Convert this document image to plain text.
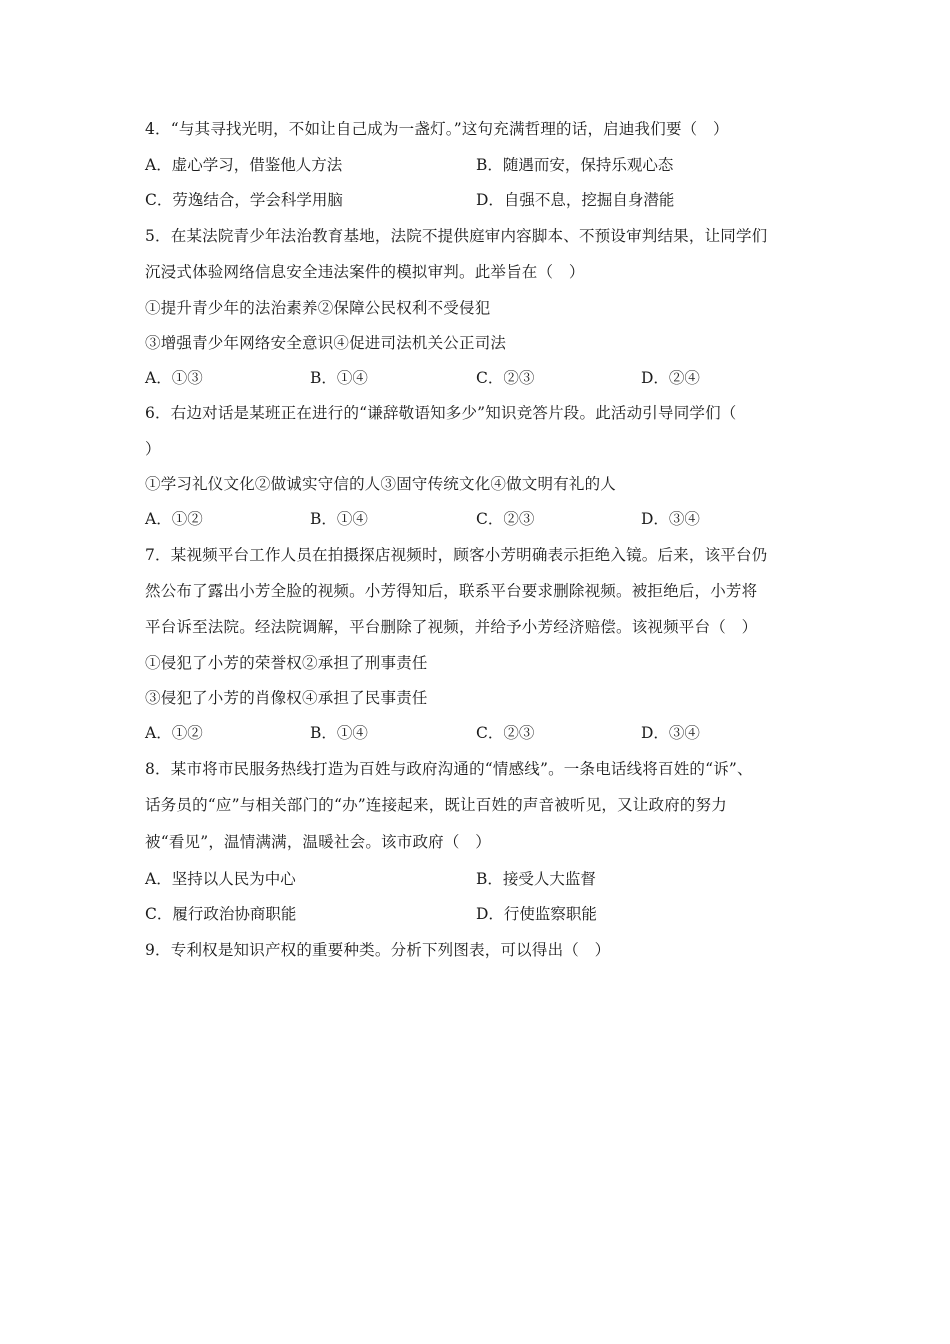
4．“与其寻找光明，不如让自己成为一盏灯。”这句充满哲理的话，启迪我们要（　）
A．虚心学习，借鉴他人方法	B．随遇而安，保持乐观心态
C．劳逸结合，学会科学用脑	D．自强不息，挖掘自身潜能
5．在某法院青少年法治教育基地，法院不提供庭审内容脚本、不预设审判结果，让同学们
沉浸式体验网络信息安全违法案件的模拟审判。此举旨在（　）
①提升青少年的法治素养②保障公民权利不受侵犯
③增强青少年网络安全意识④促进司法机关公正司法
A．①③	B．①④	C．②③	D．②④
6．右边对话是某班正在进行的“谦辞敬语知多少”知识竞答片段。此活动引导同学们（
）
①学习礼仪文化②做诚实守信的人③固守传统文化④做文明有礼的人
A．①②	B．①④	C．②③	D．③④
7．某视频平台工作人员在拍摄探店视频时，顾客小芳明确表示拒绝入镜。后来，该平台仍
然公布了露出小芳全脸的视频。小芳得知后，联系平台要求删除视频。被拒绝后，小芳将
平台诉至法院。经法院调解，平台删除了视频，并给予小芳经济赔偿。该视频平台（　）
①侵犯了小芳的荣誉权②承担了刑事责任
③侵犯了小芳的肖像权④承担了民事责任
A．①②	B．①④	C．②③	D．③④
8．某市将市民服务热线打造为百姓与政府沟通的“情感线”。一条电话线将百姓的“诉”、
话务员的“应”与相关部门的“办”连接起来，既让百姓的声音被听见，又让政府的努力
被“看见”，温情满满，温暖社会。该市政府（　）
A．坚持以人民为中心	B．接受人大监督
C．履行政治协商职能	D．行使监察职能
9．专利权是知识产权的重要种类。分析下列图表，可以得出（　）
